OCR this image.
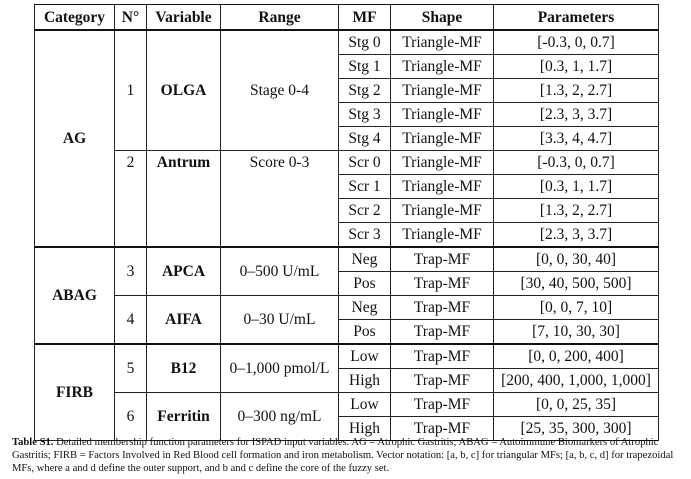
Category	N°	Variable	Range	MF	Shape	Parameters
AG	1	OLGA	Stage 0-4	Stg 0	Triangle-MF	[-0.3, 0, 0.7]
				Stg 1	Triangle-MF	[0.3, 1, 1.7]
				Stg 2	Triangle-MF	[1.3, 2, 2.7]
				Stg 3	Triangle-MF	[2.3, 3, 3.7]
				Stg 4	Triangle-MF	[3.3, 4, 4.7]
	2	Antrum	Score 0-3	Scr 0	Triangle-MF	[-0.3, 0, 0.7]
				Scr 1	Triangle-MF	[0.3, 1, 1.7]
				Scr 2	Triangle-MF	[1.3, 2, 2.7]
				Scr 3	Triangle-MF	[2.3, 3, 3.7]
ABAG	3	APCA	0–500 U/mL	Neg	Trap-MF	[0, 0, 30, 40]
				Pos	Trap-MF	[30, 40, 500, 500]
	4	AIFA	0–30 U/mL	Neg	Trap-MF	[0, 0, 7, 10]
				Pos	Trap-MF	[7, 10, 30, 30]
FIRB	5	B12	0–1,000 pmol/L	Low	Trap-MF	[0, 0, 200, 400]
				High	Trap-MF	[200, 400, 1,000, 1,000]
	6	Ferritin	0–300 ng/mL	Low	Trap-MF	[0, 0, 25, 35]
				High	Trap-MF	[25, 35, 300, 300]
Table S1. Detailed membership function parameters for ISPAD input variables. AG = Atrophic Gastritis; ABAG = Autoimmune Biomarkers of Atrophic Gastritis; FIRB = Factors Involved in Red Blood cell formation and iron metabolism. Vector notation: [a, b, c] for triangular MFs; [a, b, c, d] for trapezoidal MFs, where a and d define the outer support, and b and c define the core of the fuzzy set.
